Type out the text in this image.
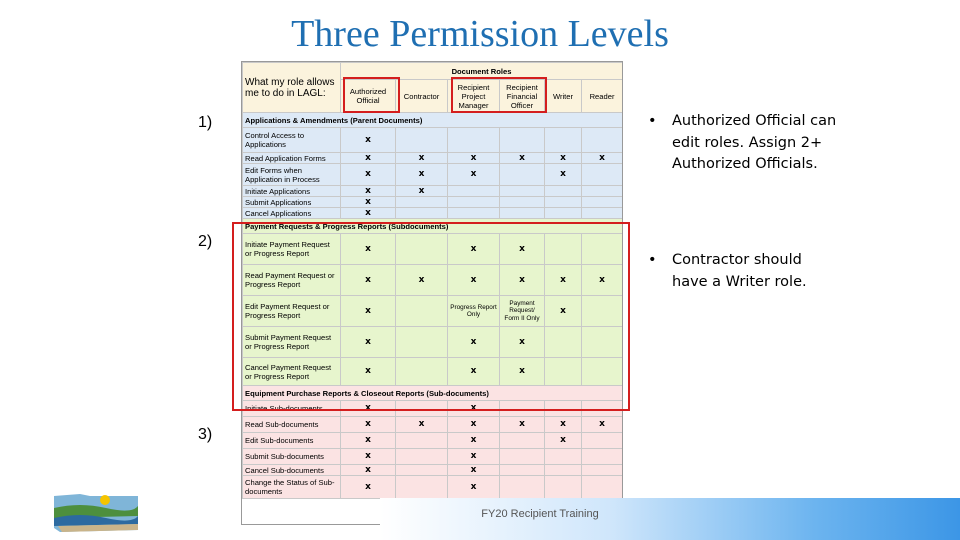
Three Permission Levels
1)
2)
3)
What my role allows me to do in LAGL:	Document Roles					
	Authorized Official	Contractor	Recipient Project Manager	Recipient Financial Officer	Writer	Reader
Applications & Amendments (Parent Documents)						
Control Access to Applications	x					
Read Application Forms	x	x	x	x	x	x
Edit Forms when Application in Process	x	x	x		x	
Initiate Applications	x	x				
Submit Applications	x					
Cancel Applications	x					
Payment Requests & Progress Reports (Subdocuments)						
Initiate Payment Request or Progress Report	x		x	x		
Read Payment Request or Progress Report	x	x	x	x	x	x
Edit Payment Request or Progress Report	x		Progress Report Only	Payment Request/ Form II Only	x	
Submit Payment Request or Progress Report	x		x	x		
Cancel Payment Request or Progress Report	x		x	x		
Equipment Purchase Reports & Closeout Reports (Sub-documents)						
Initiate Sub-documents	x		x			
Read Sub-documents	x	x	x	x	x	x
Edit Sub-documents	x		x		x	
Submit Sub-documents	x		x			
Cancel Sub-documents	x		x			
Change the Status of Sub-documents	x		x			
• Authorized Official can edit roles. Assign 2+ Authorized Officials.
• Contractor should have a Writer role.
FY20 Recipient Training
